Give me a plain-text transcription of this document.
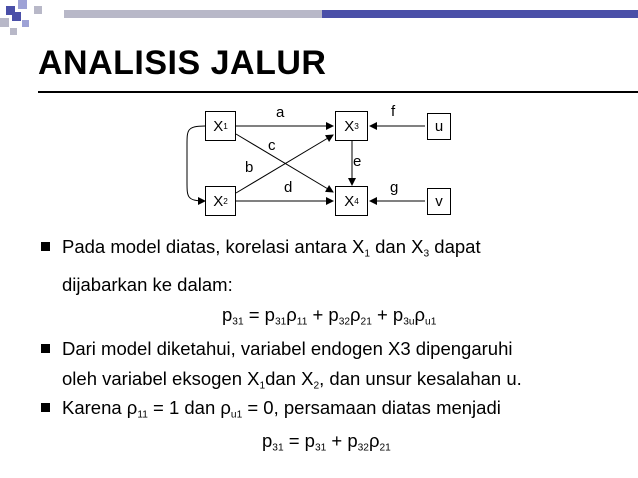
ANALISIS JALUR
X 1
X 2
X 3
X 4
u
v
a
c
b
d
e
f
g

Pada model diatas, korelasi antara $X_1$ dan $X_3$ dapat
dijabarkan ke dalam:

$p_{31} = p_{31}\rho_{11} + p_{32}\rho_{21} + p_{3u}\rho_{u1}$

Dari model diketahui, variabel endogen X3 dipengaruhi
oleh variabel eksogen $X_1dan$ $X_2$, dan unsur kesalahan u.

Karena $\rho_{11} = 1$ dan $\rho_{u1} = 0$, persamaan diatas menjadi

$p_{31} = p_{31} + p_{32}\rho_{21}$
